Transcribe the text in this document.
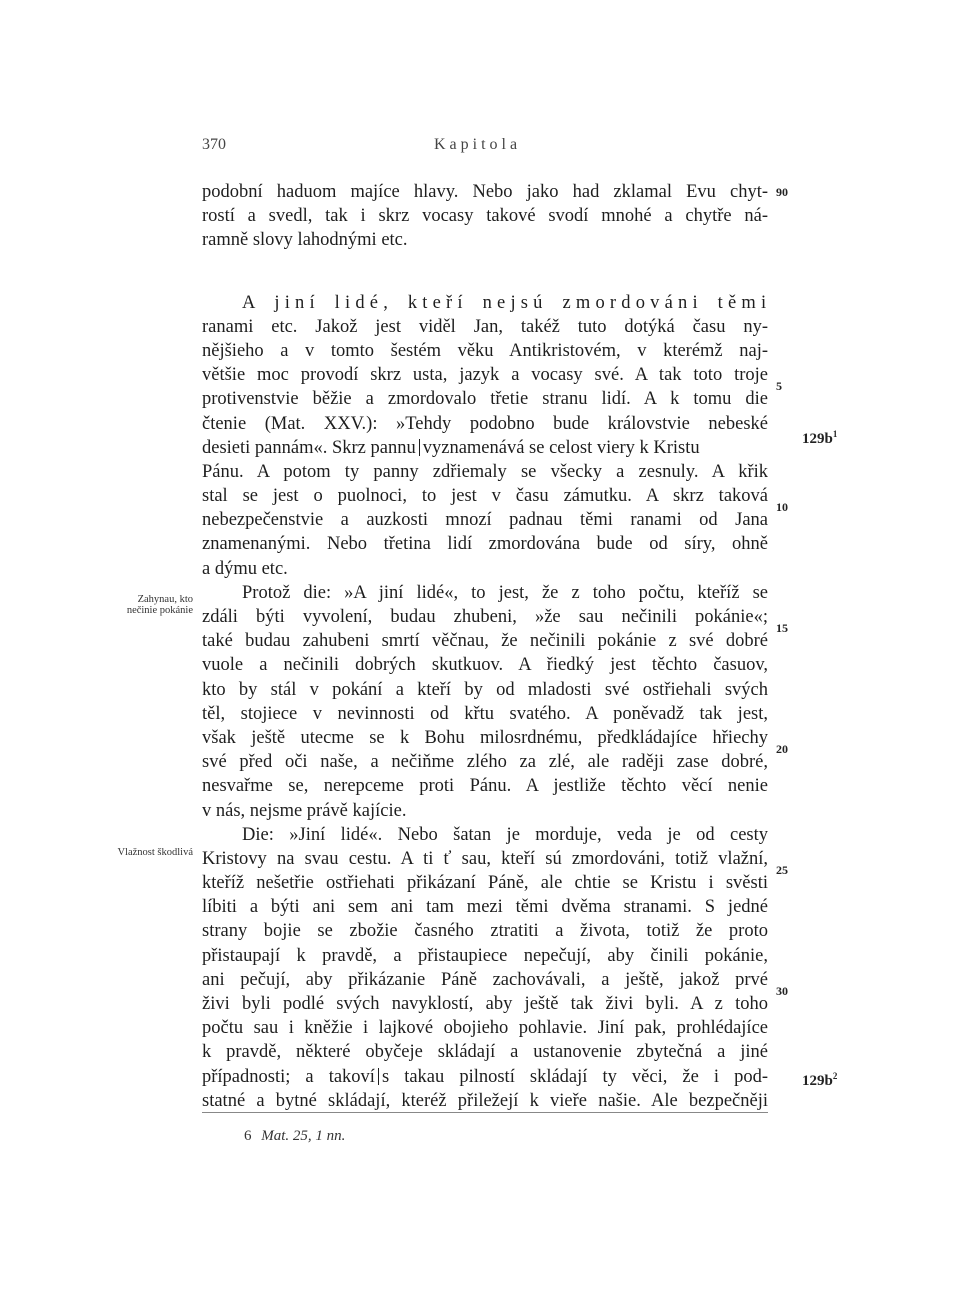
370	Kapitola
Zahynau, kto
nečinie pokánie
Vlažnost škodlivá
podobní haduom majíce hlavy. Nebo jako had zklamal Evu chyt-
rostí a svedl, tak i skrz vocasy takové svodí mnohé a chytře ná-
ramně slovy lahodnými etc.
A jiní lidé, kteří nejsú zmordováni těmi
ranami etc. Jakož jest viděl Jan, takéž tuto dotýká času ny-
nějšieho a v tomto šestém věku Antikristovém, v kterémž naj-
většie moc provodí skrz usta, jazyk a vocasy své. A tak toto troje
protivenstvie běžie a zmordovalo třetie stranu lidí. A k tomu die
čtenie (Mat. XXV.): »Tehdy podobno bude královstvie nebeské
desieti pannám«. Skrz pannu vyznamenává se celost viery k Kristu
Pánu. A potom ty panny zdřiemaly se všecky a zesnuly. A křik
stal se jest o puolnoci, to jest v času zámutku. A skrz taková
nebezpečenstvie a auzkosti mnozí padnau těmi ranami od Jana
znamenanými. Nebo třetina lidí zmordována bude od síry, ohně
a dýmu etc.
Protož die: »A jiní lidé«, to jest, že z toho počtu, kteříž se
zdáli býti vyvolení, budau zhubeni, »že sau nečinili pokánie«;
také budau zahubeni smrtí věčnau, že nečinili pokánie z své dobré
vuole a nečinili dobrých skutkuov. A řiedký jest těchto časuov,
kto by stál v pokání a kteří by od mladosti své ostřiehali svých
těl, stojiece v nevinnosti od křtu svatého. A poněvadž tak jest,
však ještě utecme se k Bohu milosrdnému, předkládajíce hřiechy
své před oči naše, a nečiňme zlého za zlé, ale raději zase dobré,
nesvařme se, nerepceme proti Pánu. A jestliže těchto věcí nenie
v nás, nejsme právě kajície.
Die: »Jiní lidé«. Nebo šatan je morduje, veda je od cesty
Kristovy na svau cestu. A ti ť sau, kteří sú zmordováni, totiž vlažní,
kteříž nešetřie ostřiehati přikázaní Páně, ale chtie se Kristu i svěsti
líbiti a býti ani sem ani tam mezi těmi dvěma stranami. S jedné
strany bojie se zbožie časného ztratiti a života, totiž že proto
přistaupají k pravdě, a přistaupiece nepečují, aby činili pokánie,
ani pečují, aby přikázanie Páně zachovávali, a ještě, jakož prvé
živi byli podlé svých navyklostí, aby ještě tak živi byli. A z toho
počtu sau i kněžie i lajkové obojieho pohlavie. Jiní pak, prohlédajíce
k pravdě, některé obyčeje skládají a ustanovenie zbytečná a jiné
případnosti; a takoví s takau pilností skládají ty věci, že i pod-
statné a bytné skládají, kteréž přiležejí k vieře našie. Ale bezpečněji
90
5
10
15
20
25
30
$129b^1$
$129b^2$
6 Mat. 25, 1 nn.
